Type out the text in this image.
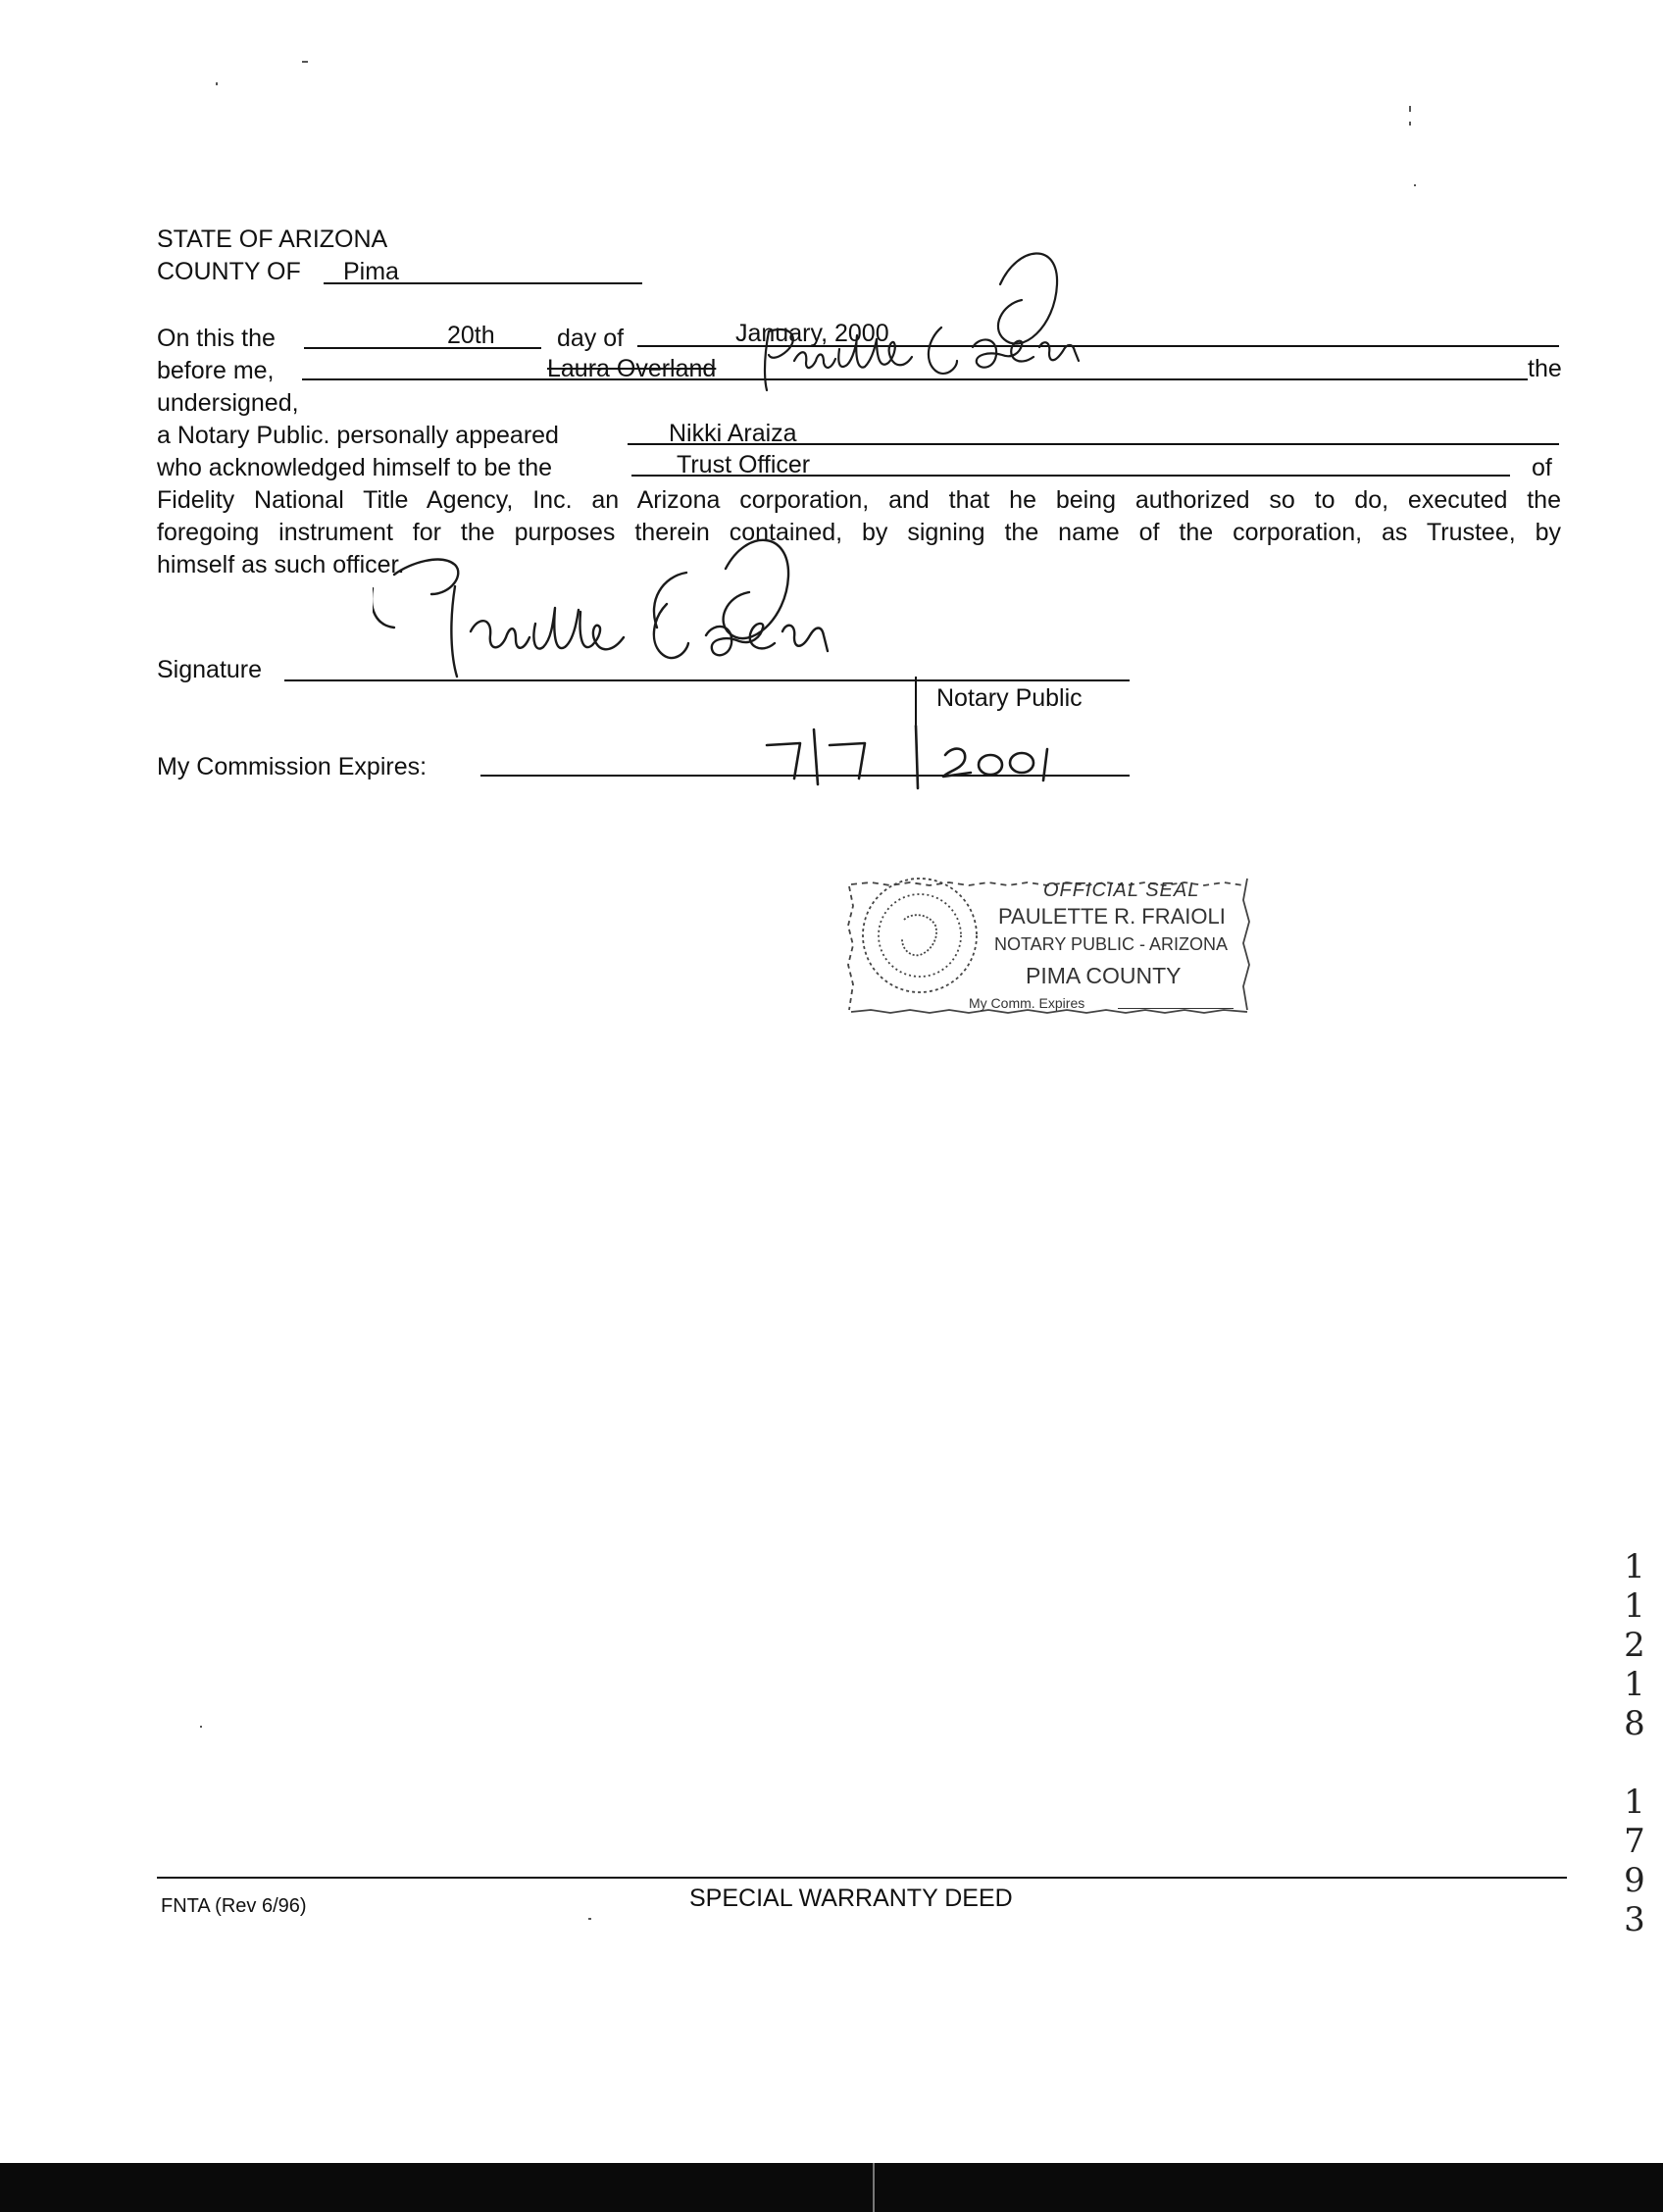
STATE OF ARIZONA
COUNTY OF Pima
On this the	20th	day of	January, 2000
before me,	Laura Overland	the
undersigned,
a Notary Public. personally appeared	Nikki Araiza
who acknowledged himself to be the	Trust Officer	of
Fidelity National Title Agency, Inc. an Arizona corporation, and that he being authorized so to do, executed the
foregoing instrument for the purposes therein contained, by signing the name of the corporation, as Trustee, by
himself as such officer.
Signature
Notary Public
My Commission Expires:
OFFICIAL SEAL
PAULETTE R. FRAIOLI
NOTARY PUBLIC - ARIZONA
PIMA COUNTY
My Comm. Expires
1
1
2
1
8
1
7
9
3
FNTA (Rev 6/96)	SPECIAL WARRANTY DEED
